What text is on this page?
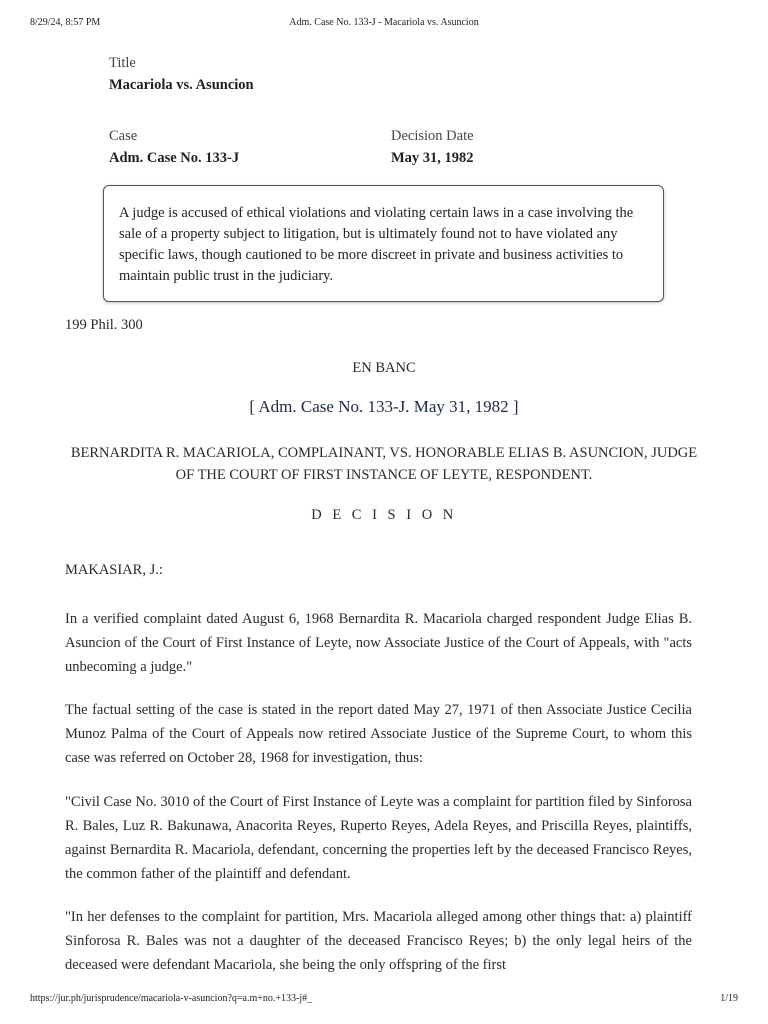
8/29/24, 8:57 PM	Adm. Case No. 133-J - Macariola vs. Asuncion
Title
Macariola vs. Asuncion
Case
Adm. Case No. 133-J
Decision Date
May 31, 1982
A judge is accused of ethical violations and violating certain laws in a case involving the sale of a property subject to litigation, but is ultimately found not to have violated any specific laws, though cautioned to be more discreet in private and business activities to maintain public trust in the judiciary.
199 Phil. 300
EN BANC
[ Adm. Case No. 133-J. May 31, 1982 ]
BERNARDITA R. MACARIOLA, COMPLAINANT, VS. HONORABLE ELIAS B. ASUNCION, JUDGE OF THE COURT OF FIRST INSTANCE OF LEYTE, RESPONDENT.
D E C I S I O N
MAKASIAR, J.:

In a verified complaint dated August 6, 1968 Bernardita R. Macariola charged respondent Judge Elias B. Asuncion of the Court of First Instance of Leyte, now Associate Justice of the Court of Appeals, with "acts unbecoming a judge."

The factual setting of the case is stated in the report dated May 27, 1971 of then Associate Justice Cecilia Munoz Palma of the Court of Appeals now retired Associate Justice of the Supreme Court, to whom this case was referred on October 28, 1968 for investigation, thus:

"Civil Case No. 3010 of the Court of First Instance of Leyte was a complaint for partition filed by Sinforosa R. Bales, Luz R. Bakunawa, Anacorita Reyes, Ruperto Reyes, Adela Reyes, and Priscilla Reyes, plaintiffs, against Bernardita R. Macariola, defendant, concerning the properties left by the deceased Francisco Reyes, the common father of the plaintiff and defendant.

"In her defenses to the complaint for partition, Mrs. Macariola alleged among other things that: a) plaintiff Sinforosa R. Bales was not a daughter of the deceased Francisco Reyes; b) the only legal heirs of the deceased were defendant Macariola, she being the only offspring of the first

https://jur.ph/jurisprudence/macariola-v-asuncion?q=a.m+no.+133-j#_	1/19
